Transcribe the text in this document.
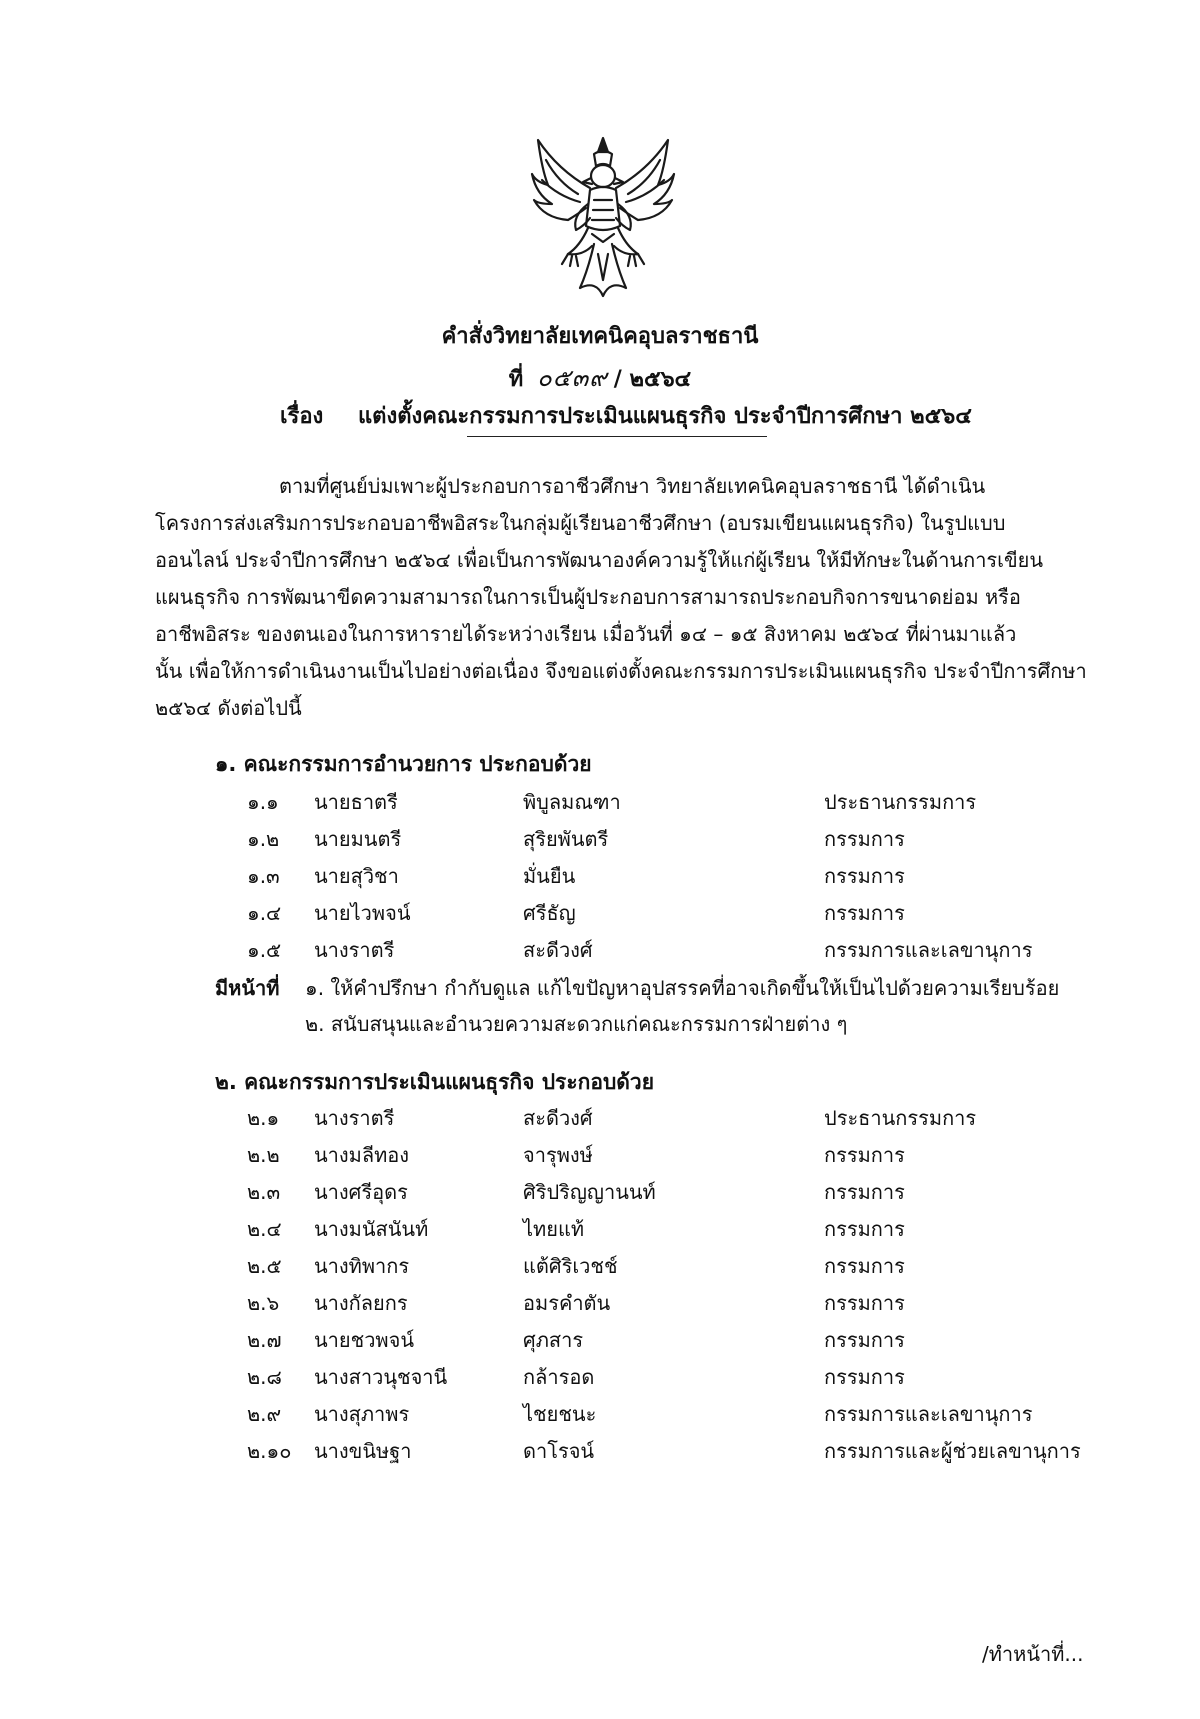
คำสั่งวิทยาลัยเทคนิคอุบลราชธานี
ที่ ๐๕๓๙ / ๒๕๖๔
เรื่อง แต่งตั้งคณะกรรมการประเมินแผนธุรกิจ ประจำปีการศึกษา ๒๕๖๔
ตามที่ศูนย์บ่มเพาะผู้ประกอบการอาชีวศึกษา วิทยาลัยเทคนิคอุบลราชธานี ได้ดำเนิน
โครงการส่งเสริมการประกอบอาชีพอิสระในกลุ่มผู้เรียนอาชีวศึกษา (อบรมเขียนแผนธุรกิจ) ในรูปแบบ
ออนไลน์ ประจำปีการศึกษา ๒๕๖๔ เพื่อเป็นการพัฒนาองค์ความรู้ให้แก่ผู้เรียน ให้มีทักษะในด้านการเขียน
แผนธุรกิจ การพัฒนาขีดความสามารถในการเป็นผู้ประกอบการสามารถประกอบกิจการขนาดย่อม หรือ
อาชีพอิสระ ของตนเองในการหารายได้ระหว่างเรียน เมื่อวันที่ ๑๔ – ๑๕ สิงหาคม ๒๕๖๔ ที่ผ่านมาแล้ว
นั้น เพื่อให้การดำเนินงานเป็นไปอย่างต่อเนื่อง จึงขอแต่งตั้งคณะกรรมการประเมินแผนธุรกิจ ประจำปีการศึกษา
๒๕๖๔ ดังต่อไปนี้
๑. คณะกรรมการอำนวยการ ประกอบด้วย
๑.๑ นายธาตรี	พิบูลมณฑา	ประธานกรรมการ
๑.๒ นายมนตรี	สุริยพันตรี	กรรมการ
๑.๓ นายสุวิชา	มั่นยืน	กรรมการ
๑.๔ นายไวพจน์	ศรีธัญ	กรรมการ
๑.๕ นางราตรี	สะดีวงศ์	กรรมการและเลขานุการ
มีหน้าที่ ๑. ให้คำปรึกษา กำกับดูแล แก้ไขปัญหาอุปสรรคที่อาจเกิดขึ้นให้เป็นไปด้วยความเรียบร้อย
๒. สนับสนุนและอำนวยความสะดวกแก่คณะกรรมการฝ่ายต่าง ๆ
๒. คณะกรรมการประเมินแผนธุรกิจ ประกอบด้วย
๒.๑ นางราตรี	สะดีวงศ์	ประธานกรรมการ
๒.๒ นางมลีทอง	จารุพงษ์	กรรมการ
๒.๓ นางศรีอุดร	ศิริปริญญานนท์	กรรมการ
๒.๔ นางมนัสนันท์	ไทยแท้	กรรมการ
๒.๕ นางทิพากร	แต้ศิริเวชช์	กรรมการ
๒.๖ นางกัลยกร	อมรคำตัน	กรรมการ
๒.๗ นายชวพจน์	ศุภสาร	กรรมการ
๒.๘ นางสาวนุชจานี	กล้ารอด	กรรมการ
๒.๙ นางสุภาพร	ไชยชนะ	กรรมการและเลขานุการ
๒.๑๐ นางขนิษฐา	ดาโรจน์	กรรมการและผู้ช่วยเลขานุการ
/ทำหน้าที่...
